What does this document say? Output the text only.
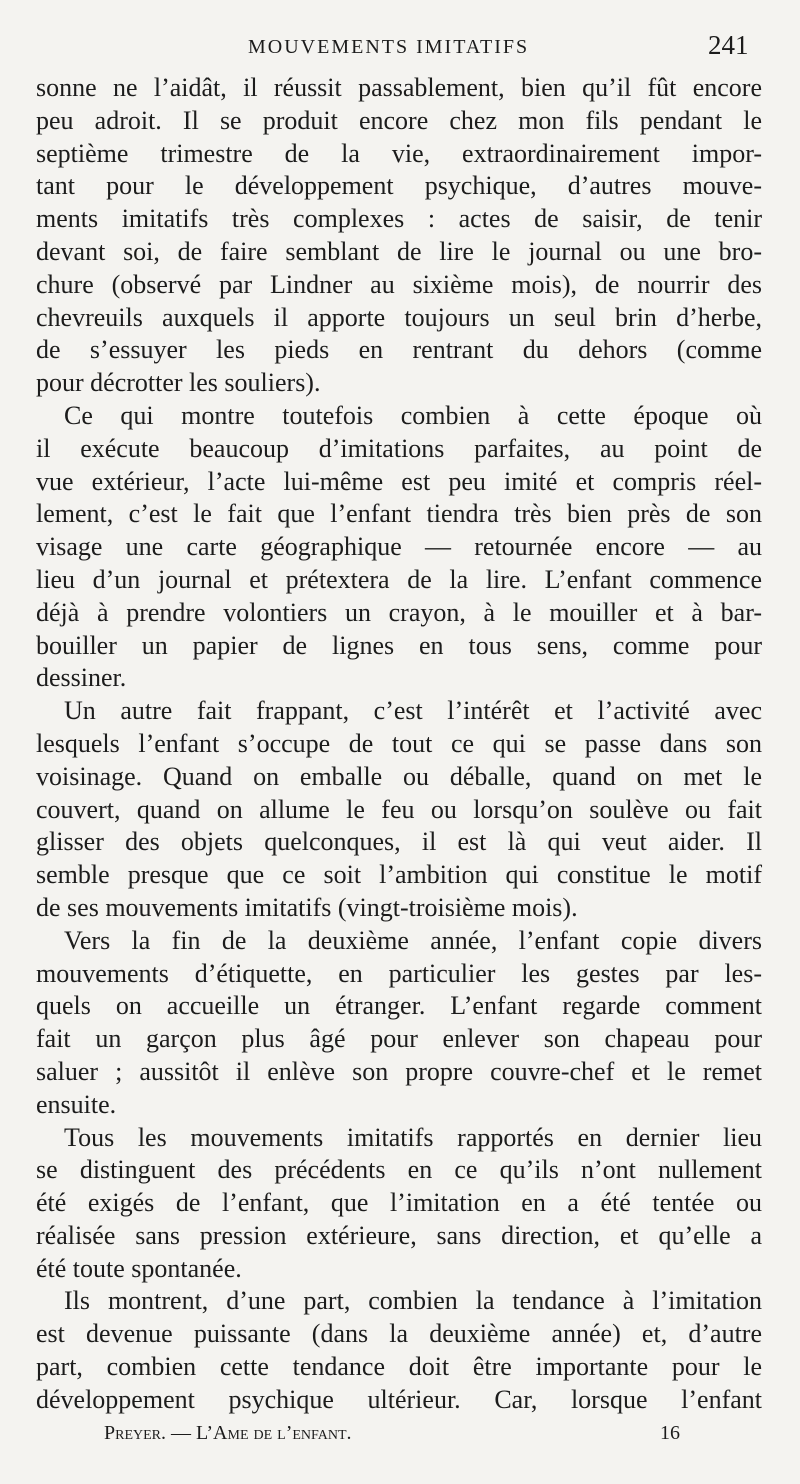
MOUVEMENTS IMITATIFS	241
sonne ne l’aidât, il réussit passablement, bien qu’il fût encore
peu adroit. Il se produit encore chez mon fils pendant le
septième trimestre de la vie, extraordinairement impor-
tant pour le développement psychique, d’autres mouve-
ments imitatifs très complexes : actes de saisir, de tenir
devant soi, de faire semblant de lire le journal ou une bro-
chure (observé par Lindner au sixième mois), de nourrir des
chevreuils auxquels il apporte toujours un seul brin d’herbe,
de s’essuyer les pieds en rentrant du dehors (comme
pour décrotter les souliers).
Ce qui montre toutefois combien à cette époque où
il exécute beaucoup d’imitations parfaites, au point de
vue extérieur, l’acte lui-même est peu imité et compris réel-
lement, c’est le fait que l’enfant tiendra très bien près de son
visage une carte géographique — retournée encore — au
lieu d’un journal et prétextera de la lire. L’enfant commence
déjà à prendre volontiers un crayon, à le mouiller et à bar-
bouiller un papier de lignes en tous sens, comme pour
dessiner.
Un autre fait frappant, c’est l’intérêt et l’activité avec
lesquels l’enfant s’occupe de tout ce qui se passe dans son
voisinage. Quand on emballe ou déballe, quand on met le
couvert, quand on allume le feu ou lorsqu’on soulève ou fait
glisser des objets quelconques, il est là qui veut aider. Il
semble presque que ce soit l’ambition qui constitue le motif
de ses mouvements imitatifs (vingt-troisième mois).
Vers la fin de la deuxième année, l’enfant copie divers
mouvements d’étiquette, en particulier les gestes par les-
quels on accueille un étranger. L’enfant regarde comment
fait un garçon plus âgé pour enlever son chapeau pour
saluer ; aussitôt il enlève son propre couvre-chef et le remet
ensuite.
Tous les mouvements imitatifs rapportés en dernier lieu
se distinguent des précédents en ce qu’ils n’ont nullement
été exigés de l’enfant, que l’imitation en a été tentée ou
réalisée sans pression extérieure, sans direction, et qu’elle a
été toute spontanée.
Ils montrent, d’une part, combien la tendance à l’imitation
est devenue puissante (dans la deuxième année) et, d’autre
part, combien cette tendance doit être importante pour le
développement psychique ultérieur. Car, lorsque l’enfant
Preyer. — L’Ame de l’enfant.	16
